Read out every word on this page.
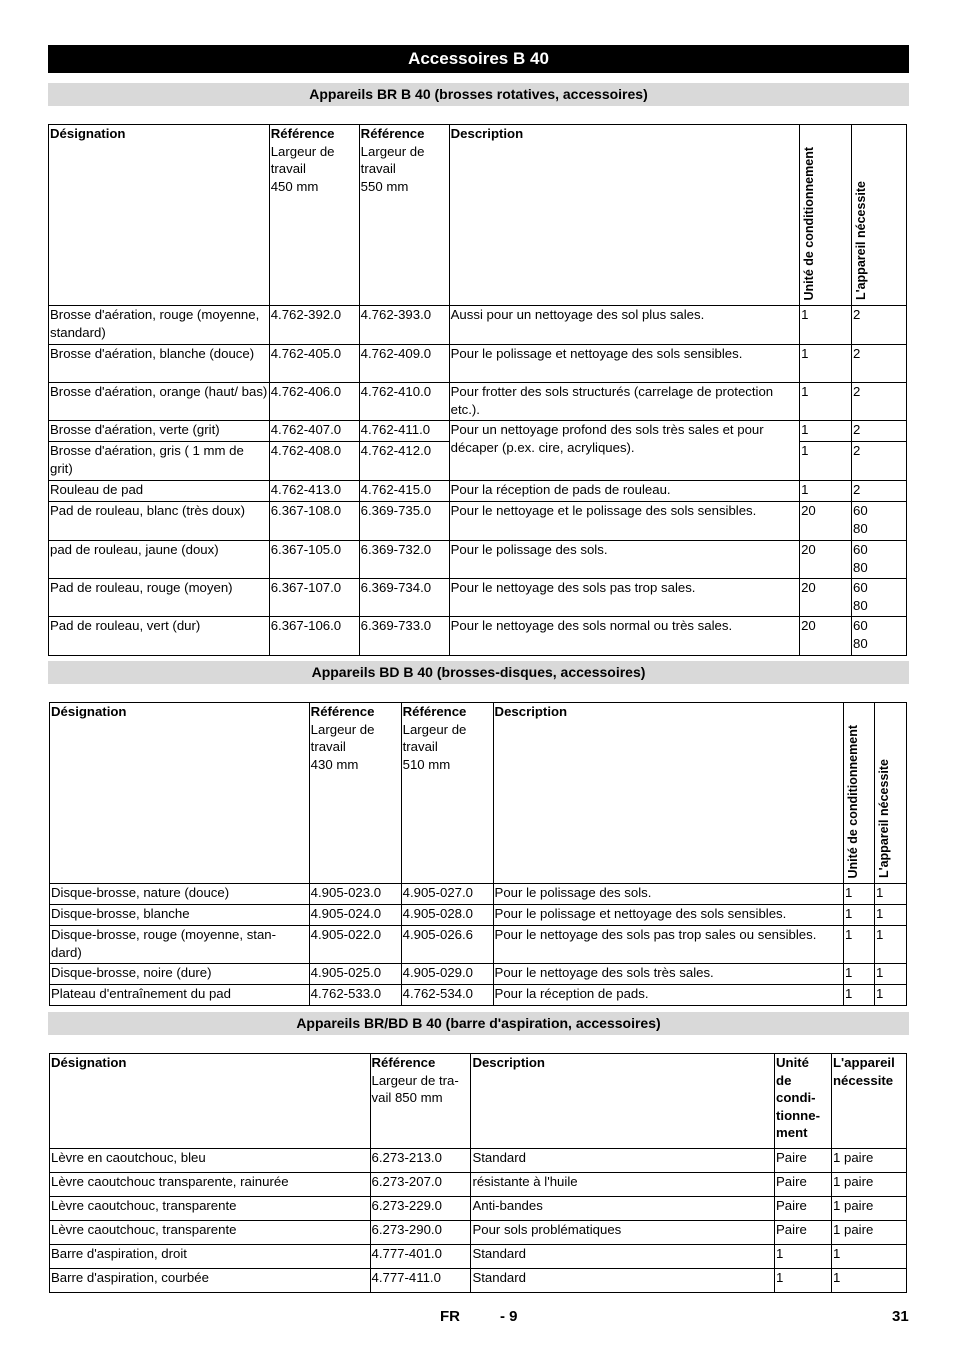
Accessoires B 40
Appareils BR B 40 (brosses rotatives, accessoires)
Désignation	Référence
Largeur de
travail
450 mm	Référence
Largeur de
travail
550 mm	Description	Unité de conditionnement	L'appareil nécessite
Brosse d'aération, rouge (moyenne, standard)	4.762-392.0	4.762-393.0	Aussi pour un nettoyage des sol plus sales.	1	2
Brosse d'aération, blanche (douce)	4.762-405.0	4.762-409.0	Pour le polissage et nettoyage des sols sensibles.	1	2
Brosse d'aération, orange (haut/ bas)	4.762-406.0	4.762-410.0	Pour frotter des sols structurés (carrelage de protection etc.).	1	2
Brosse d'aération, verte (grit)	4.762-407.0	4.762-411.0	Pour un nettoyage profond des sols très sales et pour décaper (p.ex. cire, acryliques).	1	2
Brosse d'aération, gris ( 1 mm de grit)	4.762-408.0	4.762-412.0		1	2
Rouleau de pad	4.762-413.0	4.762-415.0	Pour la réception de pads de rouleau.	1	2
Pad de rouleau, blanc (très doux)	6.367-108.0	6.369-735.0	Pour le nettoyage et le polissage des sols sensibles.	20	60
80
pad de rouleau, jaune (doux)	6.367-105.0	6.369-732.0	Pour le polissage des sols.	20	60
80
Pad de rouleau, rouge (moyen)	6.367-107.0	6.369-734.0	Pour le nettoyage des sols pas trop sales.	20	60
80
Pad de rouleau, vert (dur)	6.367-106.0	6.369-733.0	Pour le nettoyage des sols normal ou très sales.	20	60
80
Appareils BD B 40 (brosses-disques, accessoires)
Désignation	Référence
Largeur de
travail
430 mm	Référence
Largeur de
travail
510 mm	Description	Unité de conditionnement	L'appareil nécessite
Disque-brosse, nature (douce)	4.905-023.0	4.905-027.0	Pour le polissage des sols.	1	1
Disque-brosse, blanche	4.905-024.0	4.905-028.0	Pour le polissage et nettoyage des sols sensibles.	1	1
Disque-brosse, rouge (moyenne, stan-
dard)	4.905-022.0	4.905-026.6	Pour le nettoyage des sols pas trop sales ou sensibles.	1	1
Disque-brosse, noire (dure)	4.905-025.0	4.905-029.0	Pour le nettoyage des sols très sales.	1	1
Plateau d'entraînement du pad	4.762-533.0	4.762-534.0	Pour la réception de pads.	1	1
Appareils BR/BD B 40 (barre d'aspiration, accessoires)
Désignation	Référence
Largeur de tra-
vail 850 mm	Description	Unité
de
condi-
tionne-
ment	L'appareil
nécessite

Lèvre en caoutchouc, bleu	6.273-213.0	Standard	Paire	1 paire
Lèvre caoutchouc transparente, rainurée	6.273-207.0	résistante à l'huile	Paire	1 paire
Lèvre caoutchouc, transparente	6.273-229.0	Anti-bandes	Paire	1 paire
Lèvre caoutchouc, transparente	6.273-290.0	Pour sols problématiques	Paire	1 paire
Barre d'aspiration, droit	4.777-401.0	Standard	1	1
Barre d'aspiration, courbée	4.777-411.0	Standard	1	1
FR	- 9	31
